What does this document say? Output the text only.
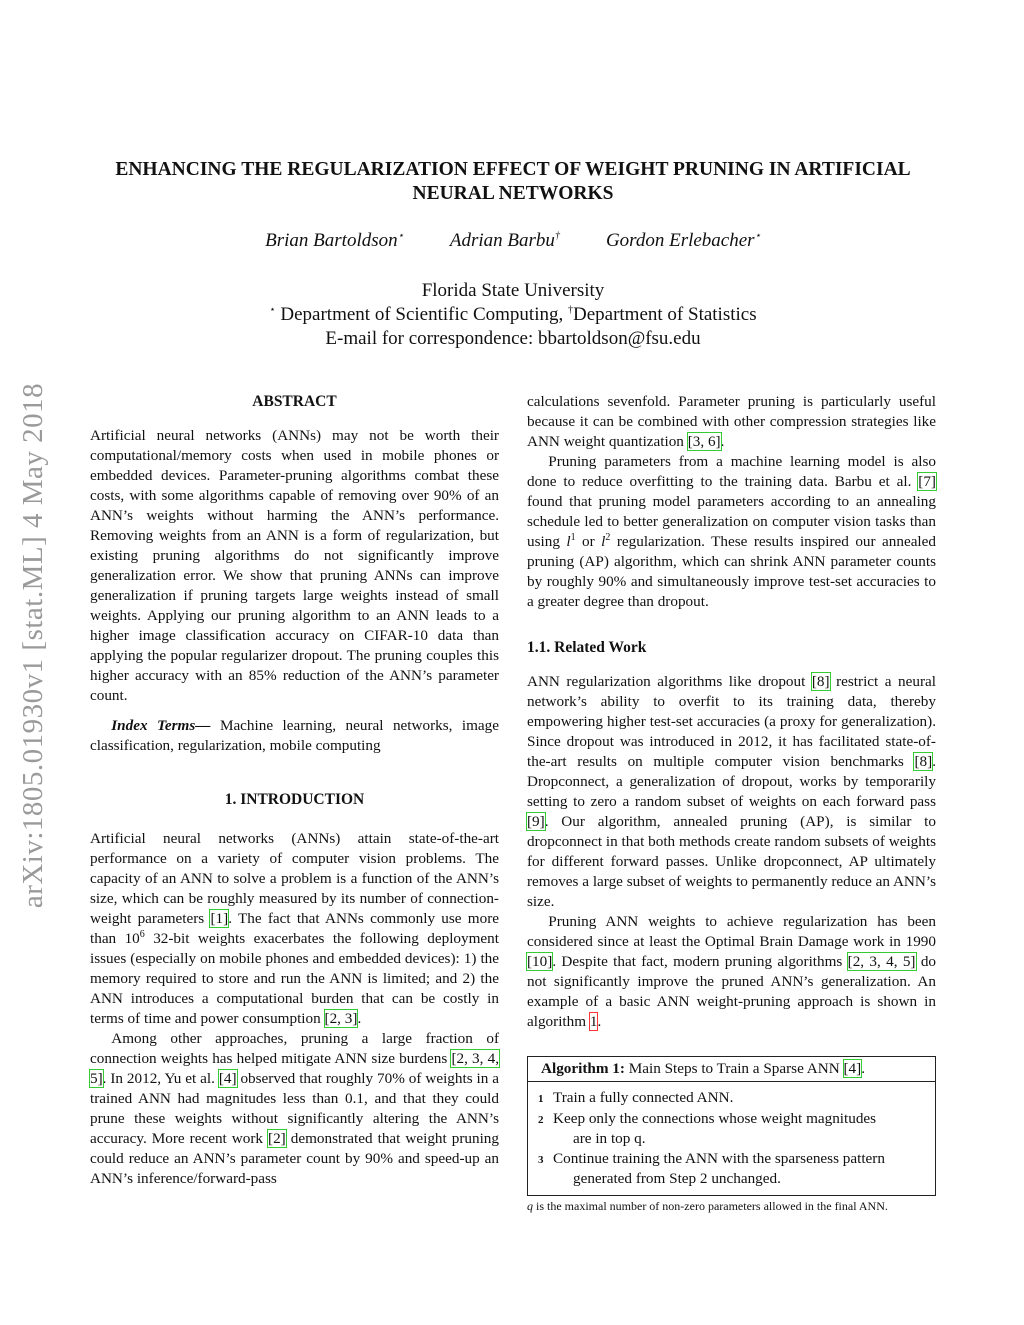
arXiv:1805.01930v1 [stat.ML] 4 May 2018
ENHANCING THE REGULARIZATION EFFECT OF WEIGHT PRUNING IN ARTIFICIAL
NEURAL NETWORKS
Brian Bartoldson⋆ Adrian Barbu† Gordon Erlebacher⋆
Florida State University
⋆ Department of Scientific Computing, †Department of Statistics
E-mail for correspondence: bbartoldson@fsu.edu

ABSTRACT

Artificial neural networks (ANNs) may not be worth their computational/memory costs when used in mobile phones or embedded devices. Parameter-pruning algorithms combat these costs, with some algorithms capable of removing over 90% of an ANN’s weights without harming the ANN’s performance. Removing weights from an ANN is a form of regularization, but existing pruning algorithms do not significantly improve generalization error. We show that pruning ANNs can improve generalization if pruning targets large weights instead of small weights. Applying our pruning algorithm to an ANN leads to a higher image classification accuracy on CIFAR-10 data than applying the popular regularizer dropout. The pruning couples this higher accuracy with an 85% reduction of the ANN’s parameter count.

Index Terms— Machine learning, neural networks, image classification, regularization, mobile computing

1. INTRODUCTION

Artificial neural networks (ANNs) attain state-of-the-art performance on a variety of computer vision problems. The capacity of an ANN to solve a problem is a function of the ANN’s size, which can be roughly measured by its number of connection-weight parameters [1]. The fact that ANNs commonly use more than $10^6$ 32-bit weights exacerbates the following deployment issues (especially on mobile phones and embedded devices): 1) the memory required to store and run the ANN is limited; and 2) the ANN introduces a computational burden that can be costly in terms of time and power consumption [2, 3].

Among other approaches, pruning a large fraction of connection weights has helped mitigate ANN size burdens [2, 3, 4, 5]. In 2012, Yu et al. [4] observed that roughly 70% of weights in a trained ANN had magnitudes less than 0.1, and that they could prune these weights without significantly altering the ANN’s accuracy. More recent work [2] demonstrated that weight pruning could reduce an ANN’s parameter count by 90% and speed-up an ANN’s inference/forward-pass

calculations sevenfold. Parameter pruning is particularly useful because it can be combined with other compression strategies like ANN weight quantization [3, 6].

Pruning parameters from a machine learning model is also done to reduce overfitting to the training data. Barbu et al. [7] found that pruning model parameters according to an annealing schedule led to better generalization on computer vision tasks than using $l^1$ or $l^2$ regularization. These results inspired our annealed pruning (AP) algorithm, which can shrink ANN parameter counts by roughly 90% and simultaneously improve test-set accuracies to a greater degree than dropout.

1.1. Related Work

ANN regularization algorithms like dropout [8] restrict a neural network’s ability to overfit to its training data, thereby empowering higher test-set accuracies (a proxy for generalization). Since dropout was introduced in 2012, it has facilitated state-of-the-art results on multiple computer vision benchmarks [8]. Dropconnect, a generalization of dropout, works by temporarily setting to zero a random subset of weights on each forward pass [9]. Our algorithm, annealed pruning (AP), is similar to dropconnect in that both methods create random subsets of weights for different forward passes. Unlike dropconnect, AP ultimately removes a large subset of weights to permanently reduce an ANN’s size.

Pruning ANN weights to achieve regularization has been considered since at least the Optimal Brain Damage work in 1990 [10]. Despite that fact, modern pruning algorithms [2, 3, 4, 5] do not significantly improve the pruned ANN’s generalization. An example of a basic ANN weight-pruning approach is shown in algorithm 1.

Algorithm 1: Main Steps to Train a Sparse ANN [4].
1 Train a fully connected ANN.
2 Keep only the connections whose weight magnitudes
are in top q.
3 Continue training the ANN with the sparseness pattern
generated from Step 2 unchanged.

q is the maximal number of non-zero parameters allowed in the final ANN.
